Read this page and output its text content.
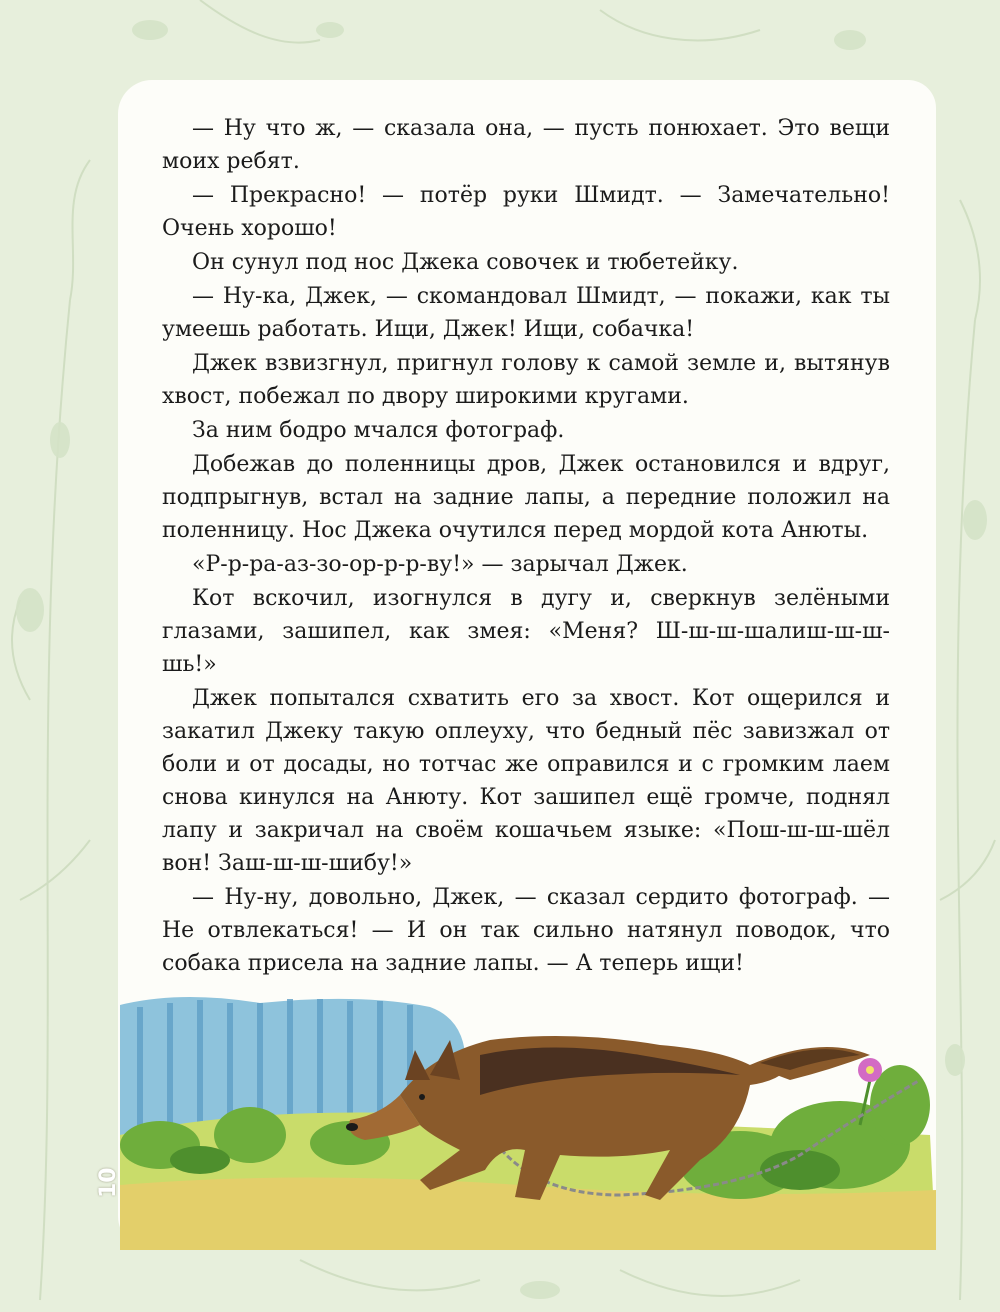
— Ну что ж, — сказала она, — пусть понюхает. Это вещи моих ребят.

— Прекрасно! — потёр руки Шмидт. — Замечательно! Очень хорошо!

Он сунул под нос Джека совочек и тюбетейку.

— Ну-ка, Джек, — скомандовал Шмидт, — покажи, как ты умеешь работать. Ищи, Джек! Ищи, собачка!

Джек взвизгнул, пригнул голову к самой земле и, вытянув хвост, побежал по двору широкими кругами.

За ним бодро мчался фотограф.

Добежав до поленницы дров, Джек остановился и вдруг, подпрыгнув, встал на задние лапы, а передние положил на поленницу. Нос Джека очутился перед мордой кота Анюты.

«Р-р-ра-аз-зо-ор-р-р-ву!» — зарычал Джек.

Кот вскочил, изогнулся в дугу и, сверкнув зелёными глазами, зашипел, как змея: «Меня? Ш-ш-ш-шалиш-ш-ш-шь!»

Джек попытался схватить его за хвост. Кот ощерился и закатил Джеку такую оплеуху, что бедный пёс завизжал от боли и от досады, но тотчас же оправился и с громким лаем снова кинулся на Анюту. Кот зашипел ещё громче, поднял лапу и закричал на своём кошачьем языке: «Пош-ш-ш-шёл вон! Заш-ш-ш-шибу!»

— Ну-ну, довольно, Джек, — сказал сердито фотограф. — Не отвлекаться! — И он так сильно натянул поводок, что собака присела на задние лапы. — А теперь ищи!

10
